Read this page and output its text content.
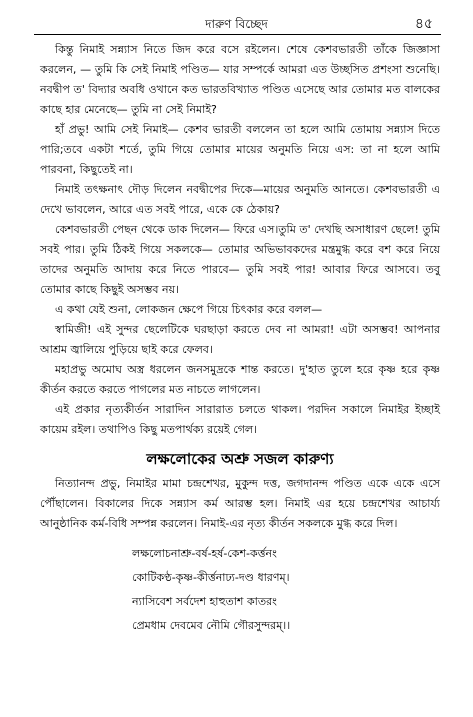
দারুণ বিচ্ছেদ	৪৫

কিন্তু নিমাই সন্ন্যাস নিতে জিদ করে বসে রইলেন। শেষে কেশবভারতী তাঁকে জিজ্ঞাসা করলেন, — তুমি কি সেই নিমাই পণ্ডিত— যার সম্পর্কে আমরা এত উচ্ছসিত প্রশংসা শুনেছি।নবদ্বীপ ত' বিদ্যার অবধি ওখানে কত ভারতবিখ্যাত পণ্ডিত এসেছে আর তোমার মত বালকের কাছে হার মেনেছে— তুমি না সেই নিমাই?

হাঁ প্রভু! আমি সেই নিমাই— কেশব ভারতী বললেন তা হলে আমি তোমায় সন্ন্যাস দিতে পারি;তবে একটা শর্তে, তুমি গিয়ে তোমার মায়ের অনুমতি নিয়ে এস: তা না হলে আমি পারবনা, কিছুতেই না।

নিমাই তৎক্ষনাৎ দৌড় দিলেন নবদ্বীপের দিকে—মায়ের অনুমতি আনতে। কেশবভারতী এ দেখে ভাবলেন, আরে এত সবই পারে, একে কে ঠেকায়?

কেশবভারতী পেছন থেকে ডাক দিলেন— ফিরে এস।তুমি ত' দেখছি অসাধারণ ছেলে! তুমি সবই পার। তুমি ঠিকই গিয়ে সকলকে— তোমার অভিভাবকদের মন্ত্রমুগ্ধ করে বশ করে নিয়ে তাদের অনুমতি আদায় করে নিতে পারবে— তুমি সবই পার! আবার ফিরে আসবে। তবু তোমার কাছে কিছুই অসম্ভব নয়।

এ কথা যেই শুনা, লোকজন ক্ষেপে গিয়ে চিৎকার করে বলল—

স্বামিজী! এই সুন্দর ছেলেটিকে ঘরছাড়া করতে দেব না আমরা! এটা অসম্ভব! আপনার আশ্রম জ্বালিয়ে পুড়িয়ে ছাই করে ফেলব।

মহাপ্রভু অমোঘ অস্ত্র ধরলেন জনসমুদ্রকে শান্ত করতে। দু'হাত তুলে হরে কৃষ্ণ হরে কৃষ্ণ কীর্তন করতে করতে পাগলের মত নাচতে লাগলেন।

এই প্রকার নৃত্যকীর্তন সারাদিন সারারাত চলতে থাকল। পরদিন সকালে নিমাইর ইচ্ছাই কায়েম রইল। তথাপিও কিছু মতপার্থক্য রয়েই গেল।

লক্ষলোকের অশ্রু সজল কারুণ্য

নিত্যানন্দ প্রভু, নিমাইর মামা চন্দ্রশেখর, মুকুন্দ দত্ত, জগদানন্দ পণ্ডিত একে একে এসে পৌঁছালেন। বিকালের দিকে সন্ন্যাস কর্ম আরম্ভ হল। নিমাই এর হয়ে চন্দ্রশেখর আচার্য্য আনুষ্ঠানিক কর্ম-বিধি সম্পন্ন করলেন। নিমাই-এর নৃত্য কীর্তন সকলকে মুগ্ধ করে দিল।

লক্ষলোচনাশ্রু-বর্ষ-হর্ষ-কেশ-কর্ত্তনং
কোটিকণ্ঠ-কৃষ্ণ-কীর্ত্তনাঢ্য-দণ্ড ধারণম্।
ন্যাসিবেশ সর্বদেশ হাহুতাশ কাতরং
প্রেমধাম দেবমেব নৌমি গৌরসুন্দরম্।।
